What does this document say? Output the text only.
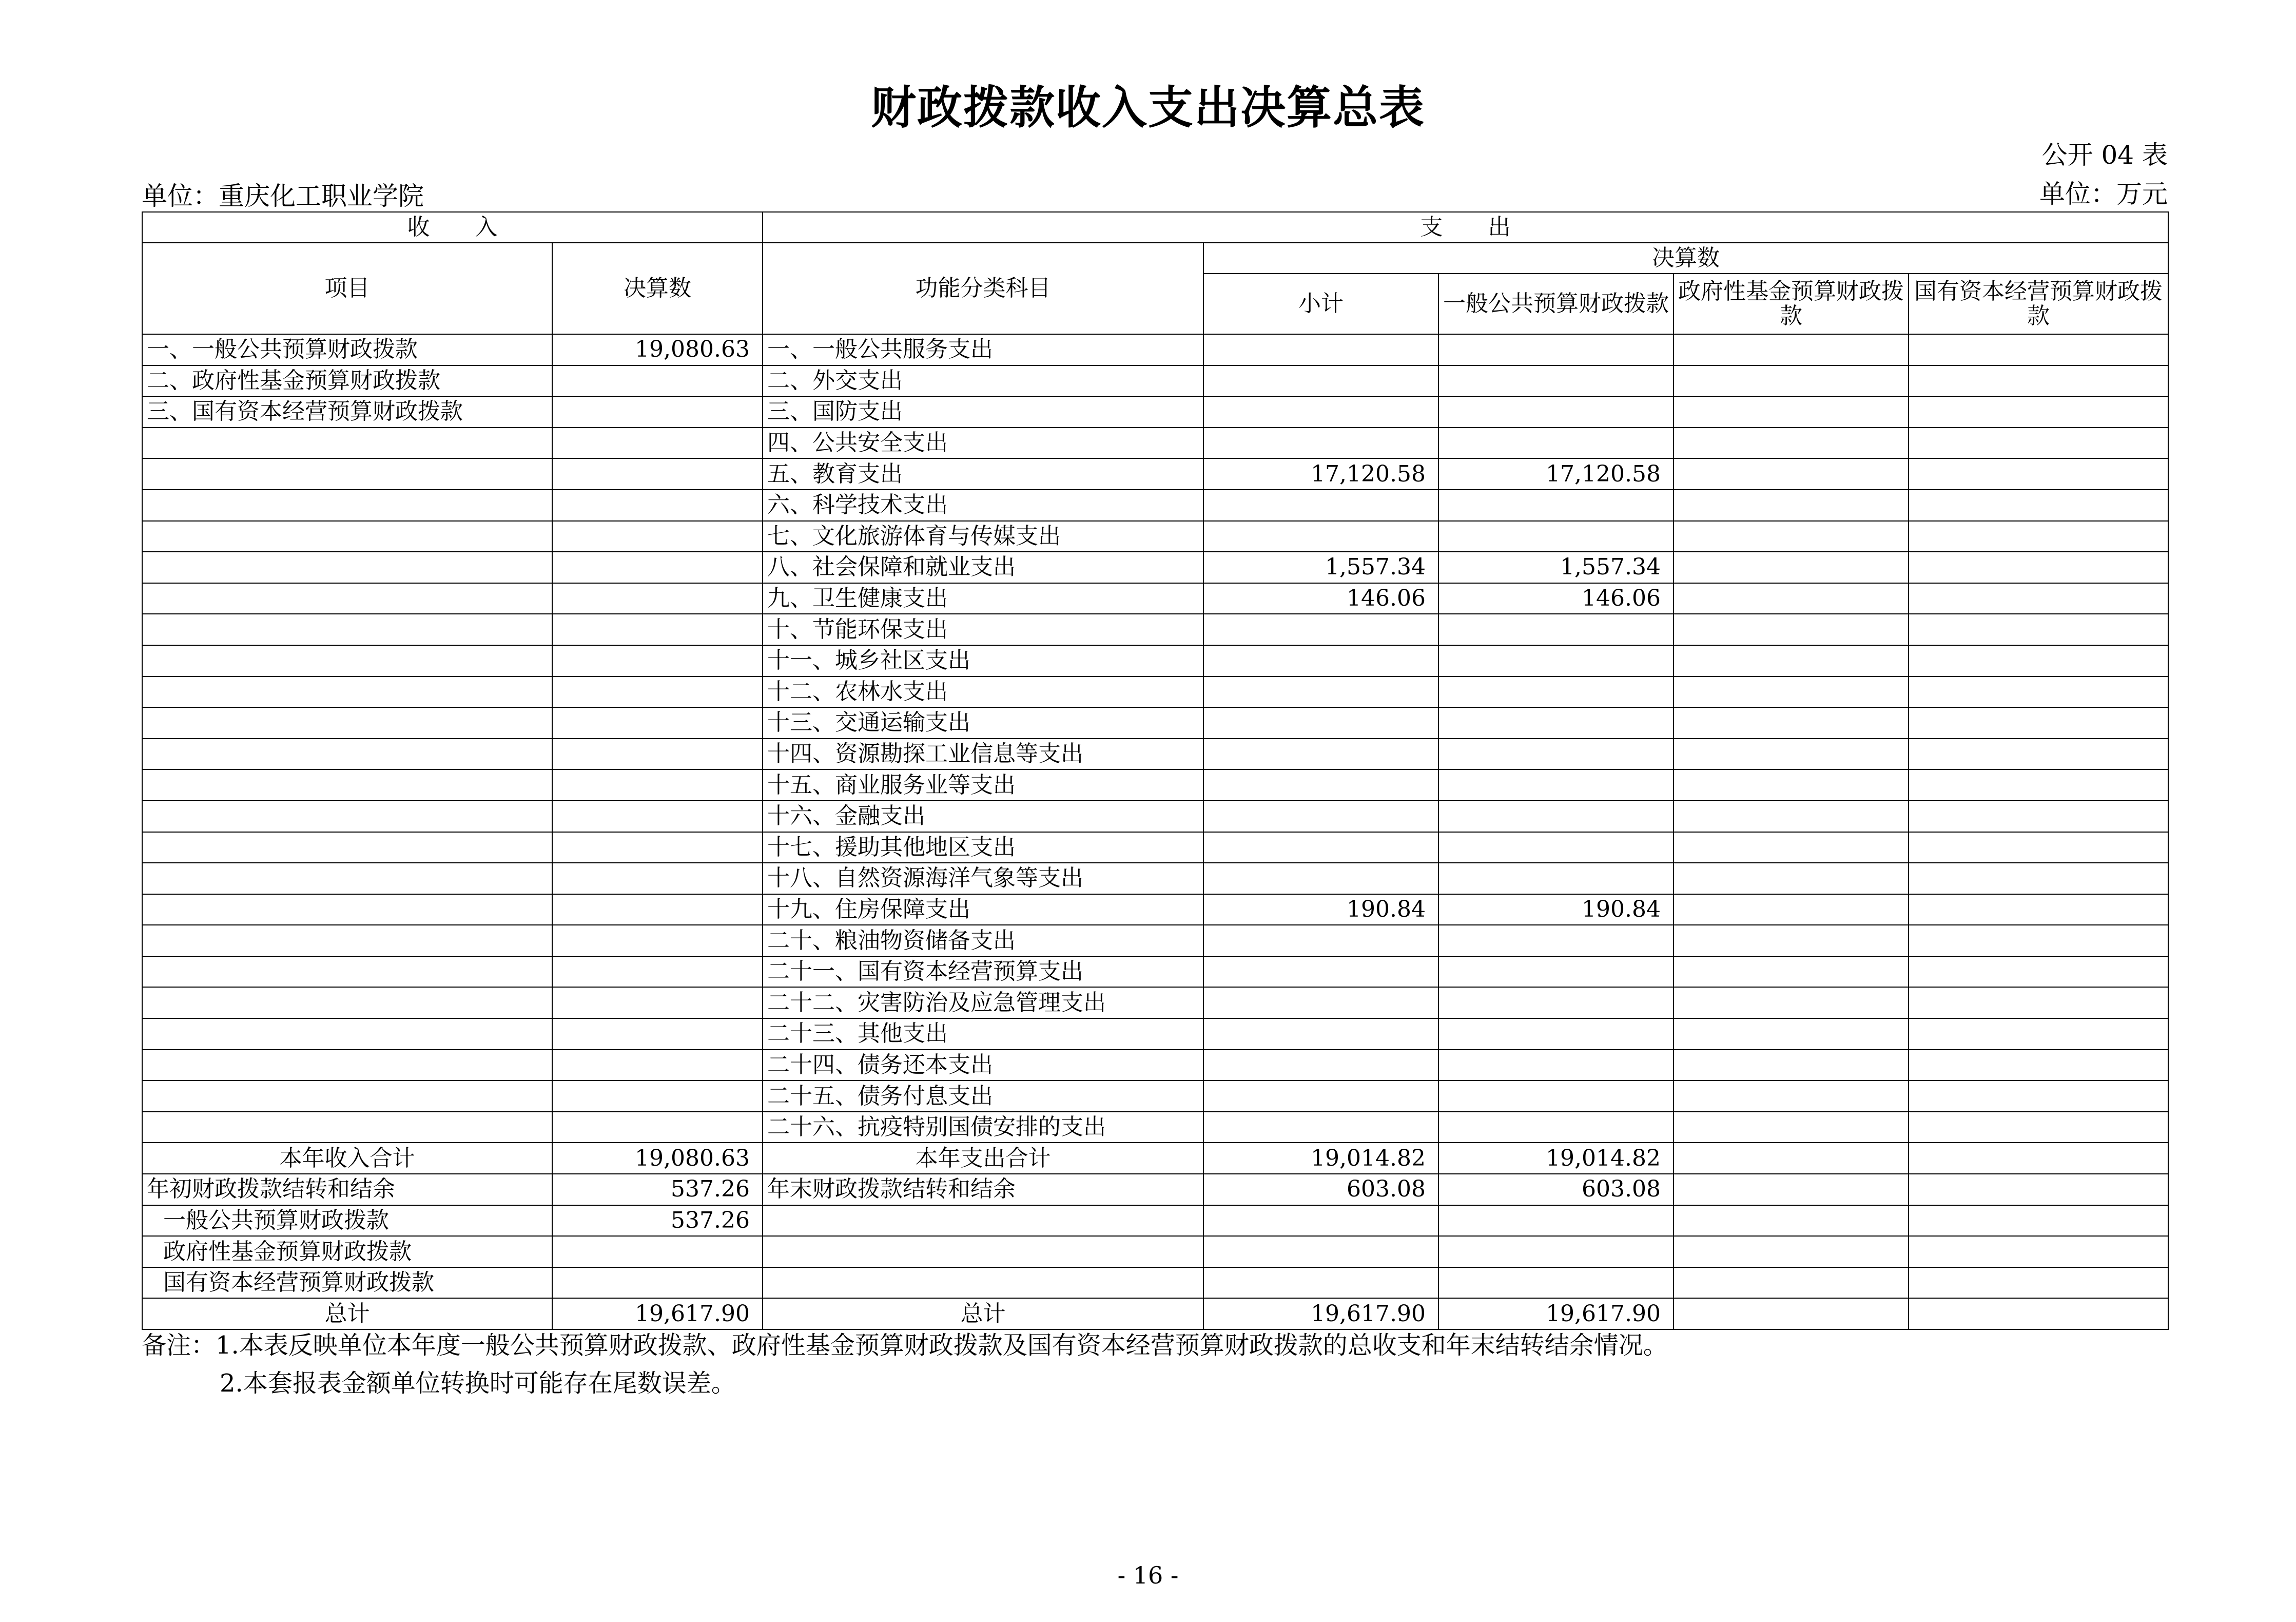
财政拨款收入支出决算总表
公开 04 表
单位：重庆化工职业学院	单位：万元
收　　入		支　　出				
项目	决算数	功能分类科目	决算数			
			小计	一般公共预算财政拨款	政府性基金预算财政拨款	国有资本经营预算财政拨款
一、一般公共预算财政拨款	19,080.63	一、一般公共服务支出				
二、政府性基金预算财政拨款		二、外交支出				
三、国有资本经营预算财政拨款		三、国防支出				
		四、公共安全支出				
		五、教育支出	17,120.58	17,120.58		
		六、科学技术支出				
		七、文化旅游体育与传媒支出				
		八、社会保障和就业支出	1,557.34	1,557.34		
		九、卫生健康支出	146.06	146.06		
		十、节能环保支出				
		十一、城乡社区支出				
		十二、农林水支出				
		十三、交通运输支出				
		十四、资源勘探工业信息等支出				
		十五、商业服务业等支出				
		十六、金融支出				
		十七、援助其他地区支出				
		十八、自然资源海洋气象等支出				
		十九、住房保障支出	190.84	190.84		
		二十、粮油物资储备支出				
		二十一、国有资本经营预算支出				
		二十二、灾害防治及应急管理支出				
		二十三、其他支出				
		二十四、债务还本支出				
		二十五、债务付息支出				
		二十六、抗疫特别国债安排的支出				
本年收入合计	19,080.63	本年支出合计	19,014.82	19,014.82		
年初财政拨款结转和结余	537.26	年末财政拨款结转和结余	603.08	603.08		
一般公共预算财政拨款	537.26					
政府性基金预算财政拨款						
国有资本经营预算财政拨款						
总计	19,617.90	总计	19,617.90	19,617.90		
备注：1.本表反映单位本年度一般公共预算财政拨款、政府性基金预算财政拨款及国有资本经营预算财政拨款的总收支和年末结转结余情况。
2.本套报表金额单位转换时可能存在尾数误差。
- 16 -
